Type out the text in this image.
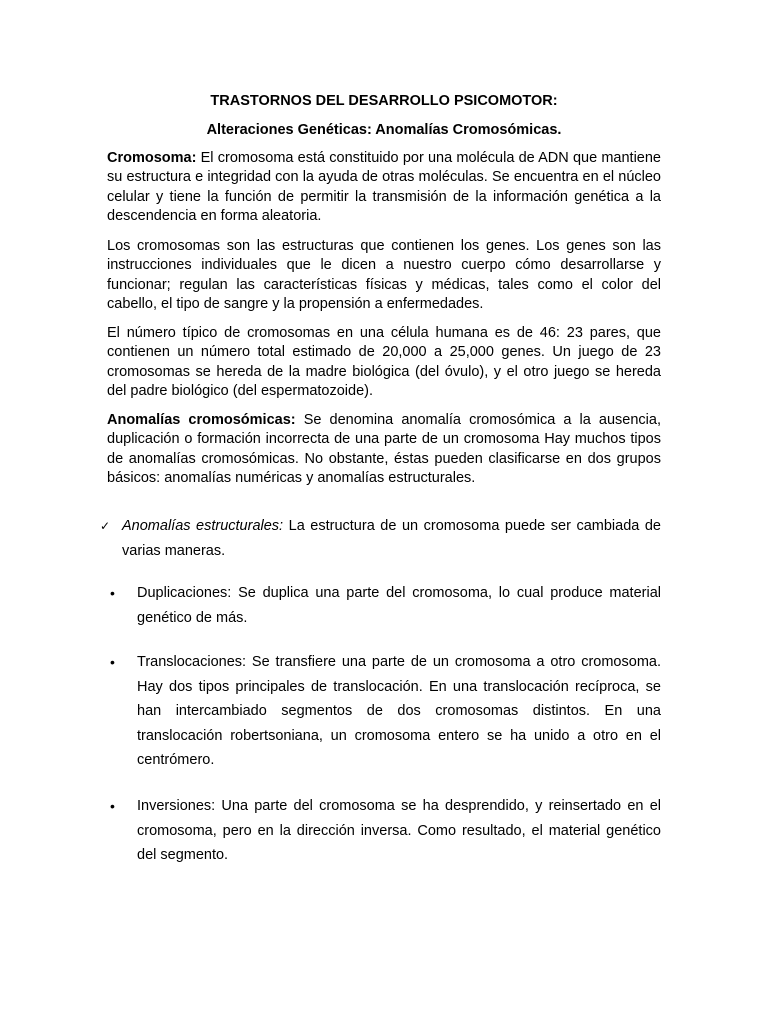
TRASTORNOS DEL DESARROLLO PSICOMOTOR:
Alteraciones Genéticas: Anomalías Cromosómicas.

Cromosoma: El cromosoma está constituido por una molécula de ADN que mantiene su estructura e integridad con la ayuda de otras moléculas. Se encuentra en el núcleo celular y tiene la función de permitir la transmisión de la información genética a la descendencia en forma aleatoria.

Los cromosomas son las estructuras que contienen los genes. Los genes son las instrucciones individuales que le dicen a nuestro cuerpo cómo desarrollarse y funcionar; regulan las características físicas y médicas, tales como el color del cabello, el tipo de sangre y la propensión a enfermedades.

El número típico de cromosomas en una célula humana es de 46: 23 pares, que contienen un número total estimado de 20,000 a 25,000 genes. Un juego de 23 cromosomas se hereda de la madre biológica (del óvulo), y el otro juego se hereda del padre biológico (del espermatozoide).

Anomalías cromosómicas: Se denomina anomalía cromosómica a la ausencia, duplicación o formación incorrecta de una parte de un cromosoma Hay muchos tipos de anomalías cromosómicas. No obstante, éstas pueden clasificarse en dos grupos básicos: anomalías numéricas y anomalías estructurales.

✓ Anomalías estructurales: La estructura de un cromosoma puede ser cambiada de varias maneras.
• Duplicaciones: Se duplica una parte del cromosoma, lo cual produce material genético de más.
• Translocaciones: Se transfiere una parte de un cromosoma a otro cromosoma. Hay dos tipos principales de translocación. En una translocación recíproca, se han intercambiado segmentos de dos cromosomas distintos. En una translocación robertsoniana, un cromosoma entero se ha unido a otro en el centrómero.
• Inversiones: Una parte del cromosoma se ha desprendido, y reinsertado en el cromosoma, pero en la dirección inversa. Como resultado, el material genético del segmento.
